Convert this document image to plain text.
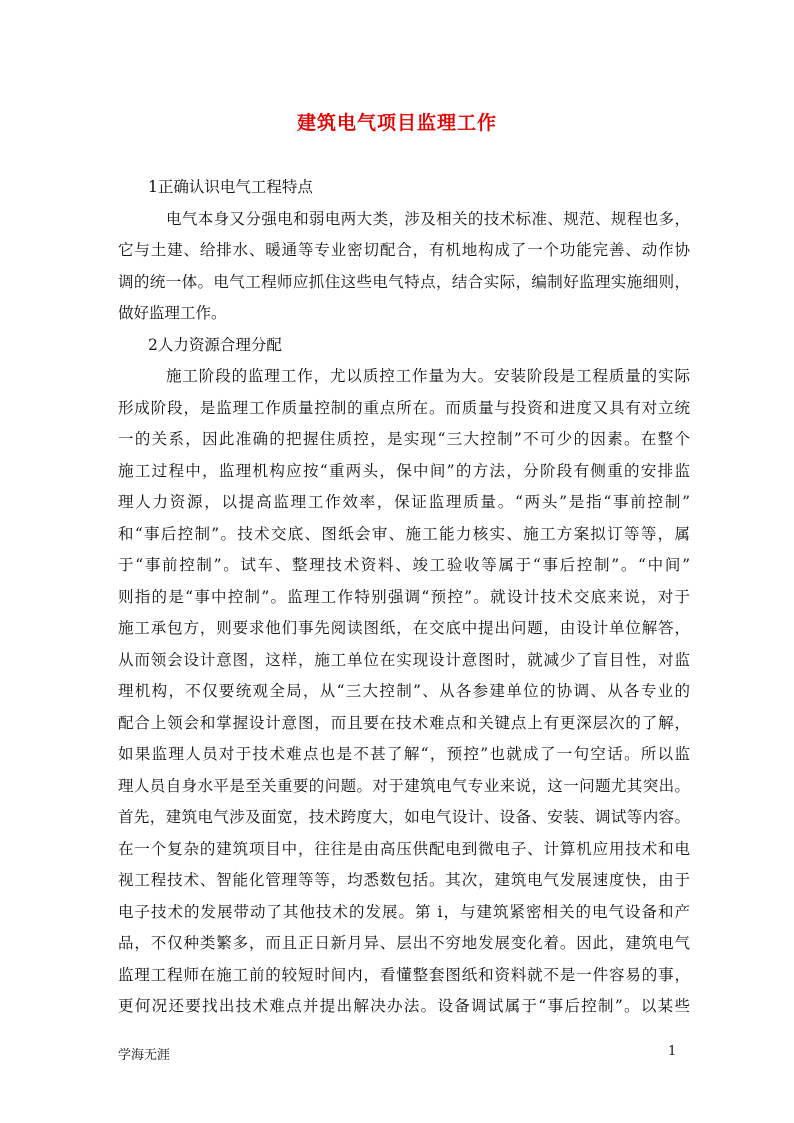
建筑电气项目监理工作
1正确认识电气工程特点
电气本身又分强电和弱电两大类，涉及相关的技术标准、规范、规程也多，
它与土建、给排水、暖通等专业密切配合，有机地构成了一个功能完善、动作协
调的统一体。电气工程师应抓住这些电气特点，结合实际，编制好监理实施细则，
做好监理工作。
2人力资源合理分配
施工阶段的监理工作，尤以质控工作量为大。安装阶段是工程质量的实际
形成阶段，是监理工作质量控制的重点所在。而质量与投资和进度又具有对立统
一的关系，因此准确的把握住质控，是实现“三大控制”不可少的因素。在整个
施工过程中，监理机构应按“重两头，保中间”的方法，分阶段有侧重的安排监
理人力资源，以提高监理工作效率，保证监理质量。“两头”是指“事前控制”
和“事后控制”。技术交底、图纸会审、施工能力核实、施工方案拟订等等，属
于“事前控制”。试车、整理技术资料、竣工验收等属于“事后控制”。“中间”
则指的是“事中控制”。监理工作特别强调“预控”。就设计技术交底来说，对于
施工承包方，则要求他们事先阅读图纸，在交底中提出问题，由设计单位解答，
从而领会设计意图，这样，施工单位在实现设计意图时，就减少了盲目性，对监
理机构，不仅要统观全局，从“三大控制”、从各参建单位的协调、从各专业的
配合上领会和掌握设计意图，而且要在技术难点和关键点上有更深层次的了解，
如果监理人员对于技术难点也是不甚了解“，预控”也就成了一句空话。所以监
理人员自身水平是至关重要的问题。对于建筑电气专业来说，这一问题尤其突出。
首先，建筑电气涉及面宽，技术跨度大，如电气设计、设备、安装、调试等内容。
在一个复杂的建筑项目中，往往是由高压供配电到微电子、计算机应用技术和电
视工程技术、智能化管理等等，均悉数包括。其次，建筑电气发展速度快，由于
电子技术的发展带动了其他技术的发展。第 i，与建筑紧密相关的电气设备和产
品，不仅种类繁多，而且正日新月异、层出不穷地发展变化着。因此，建筑电气
监理工程师在施工前的较短时间内，看懂整套图纸和资料就不是一件容易的事，
更何况还要找出技术难点并提出解决办法。设备调试属于“事后控制”。以某些
学海无涯	1
